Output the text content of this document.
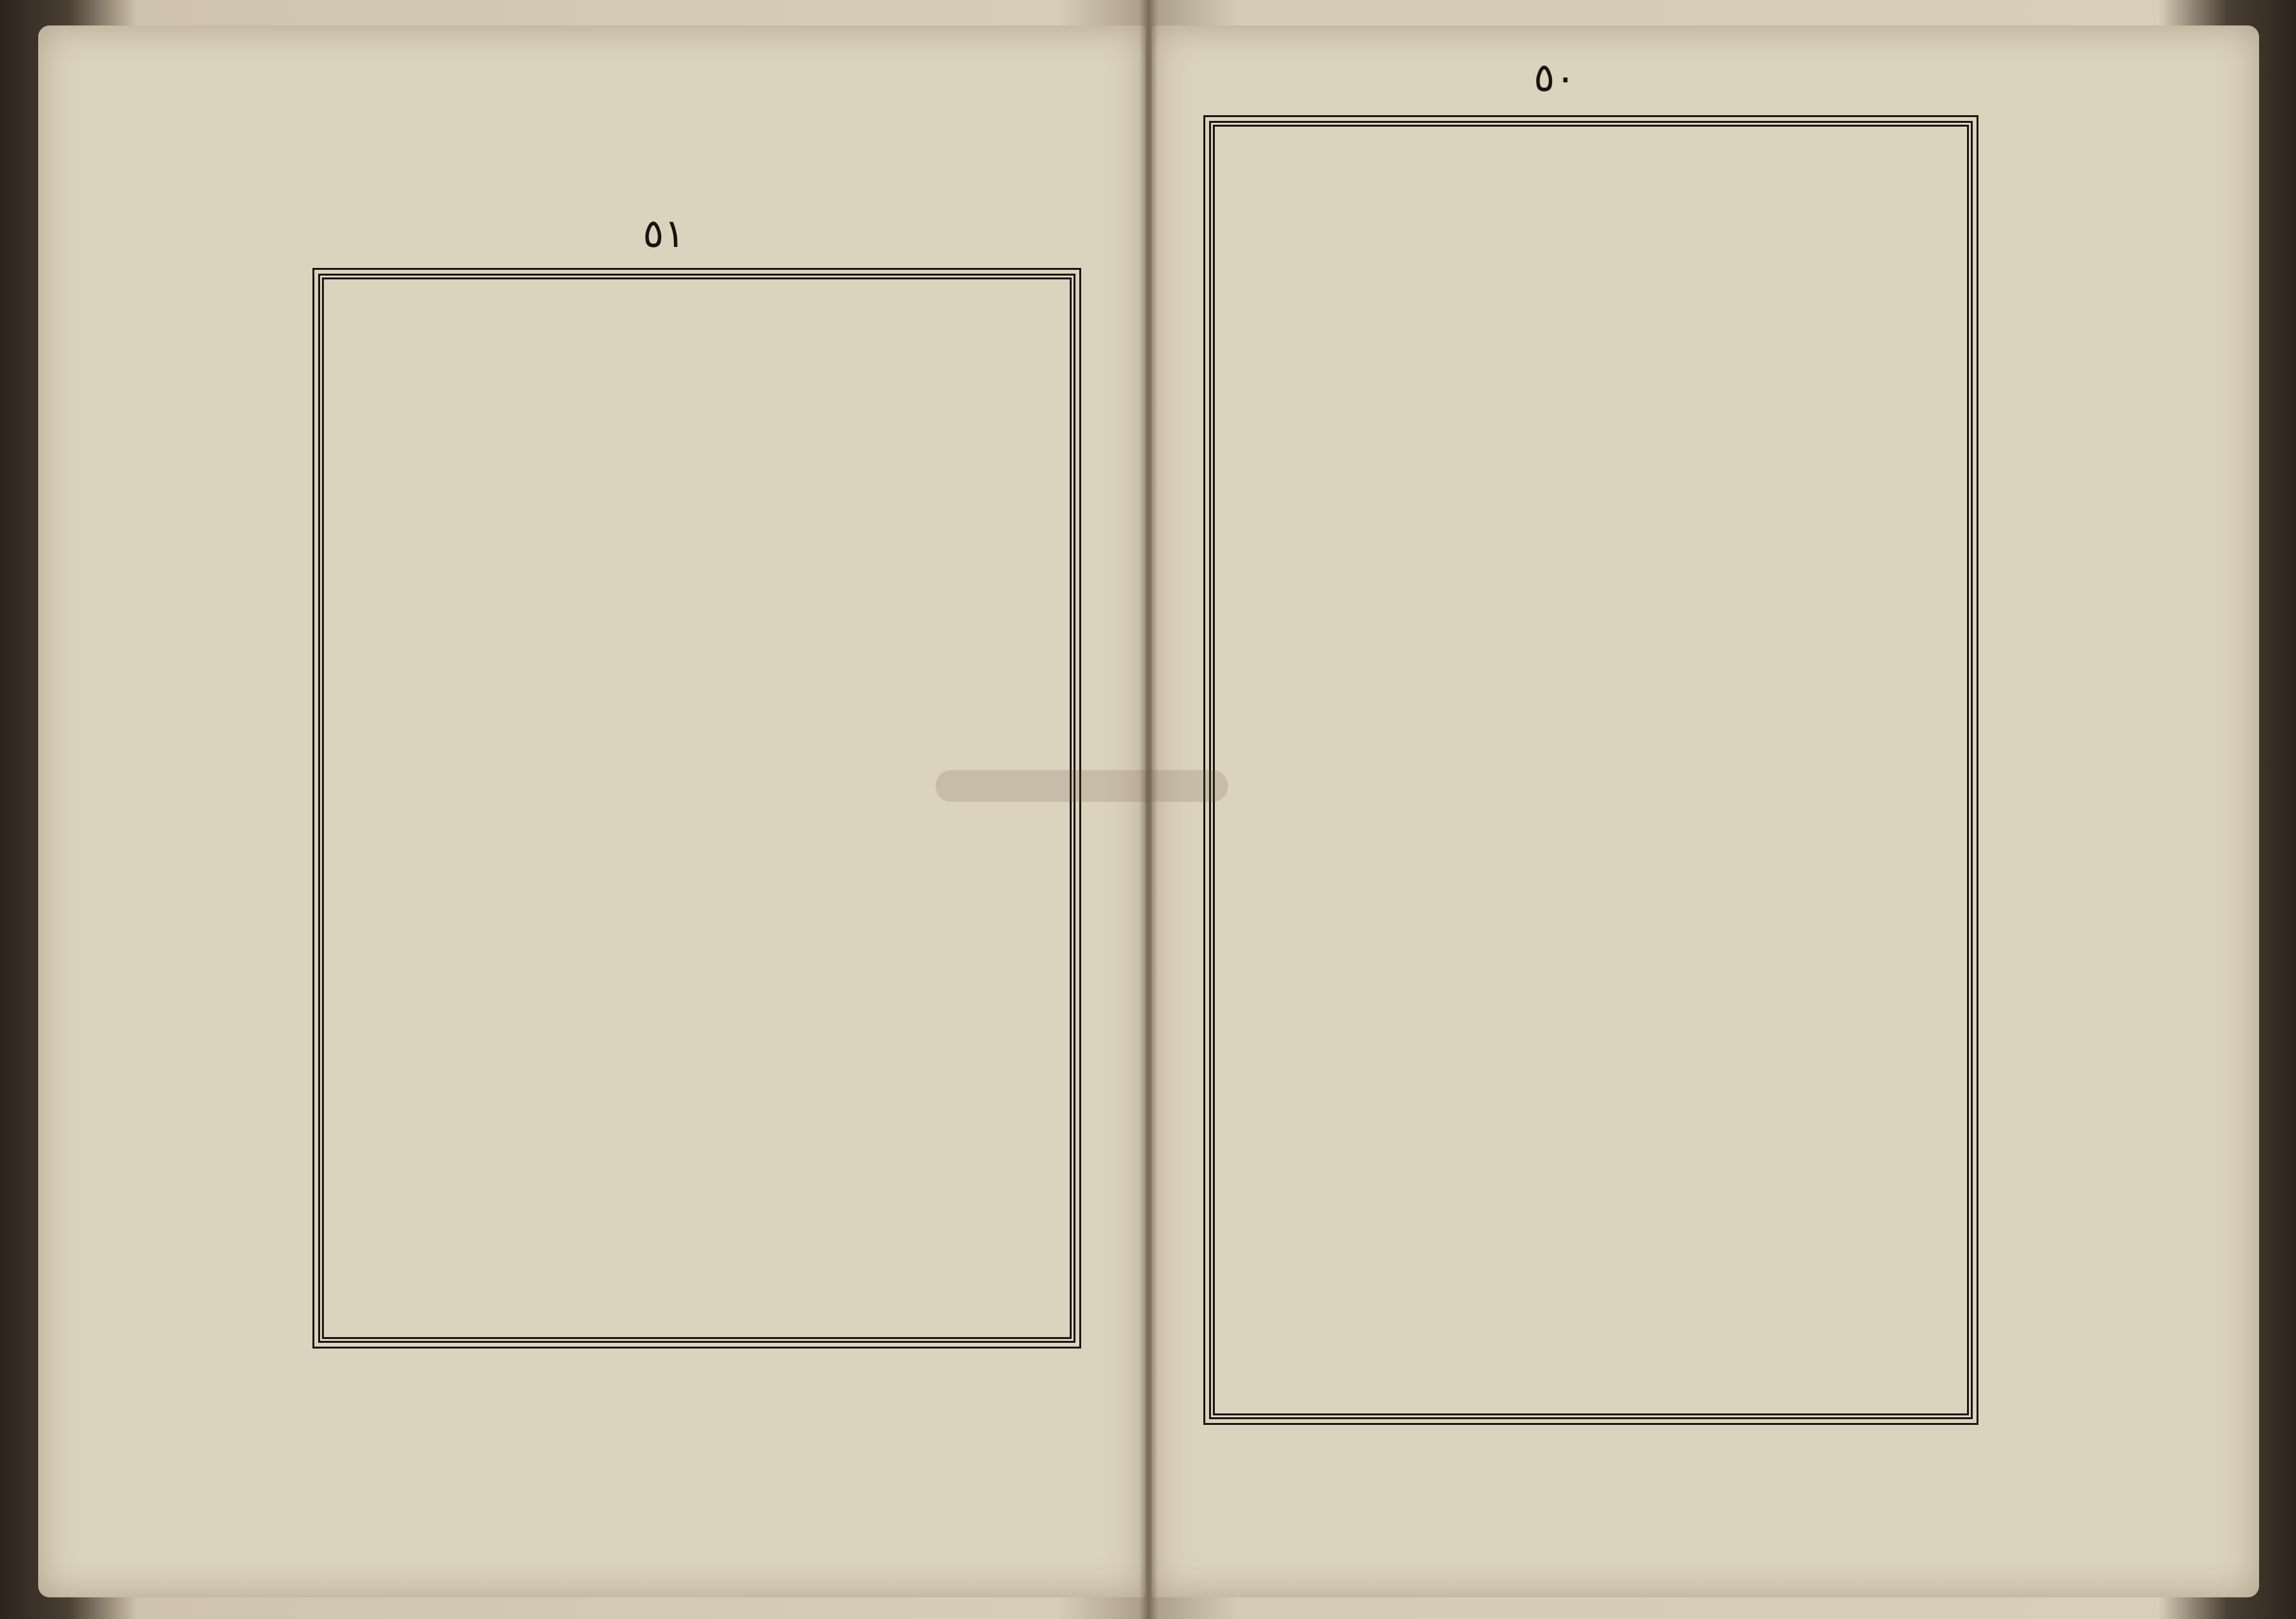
٥١
٥٠
